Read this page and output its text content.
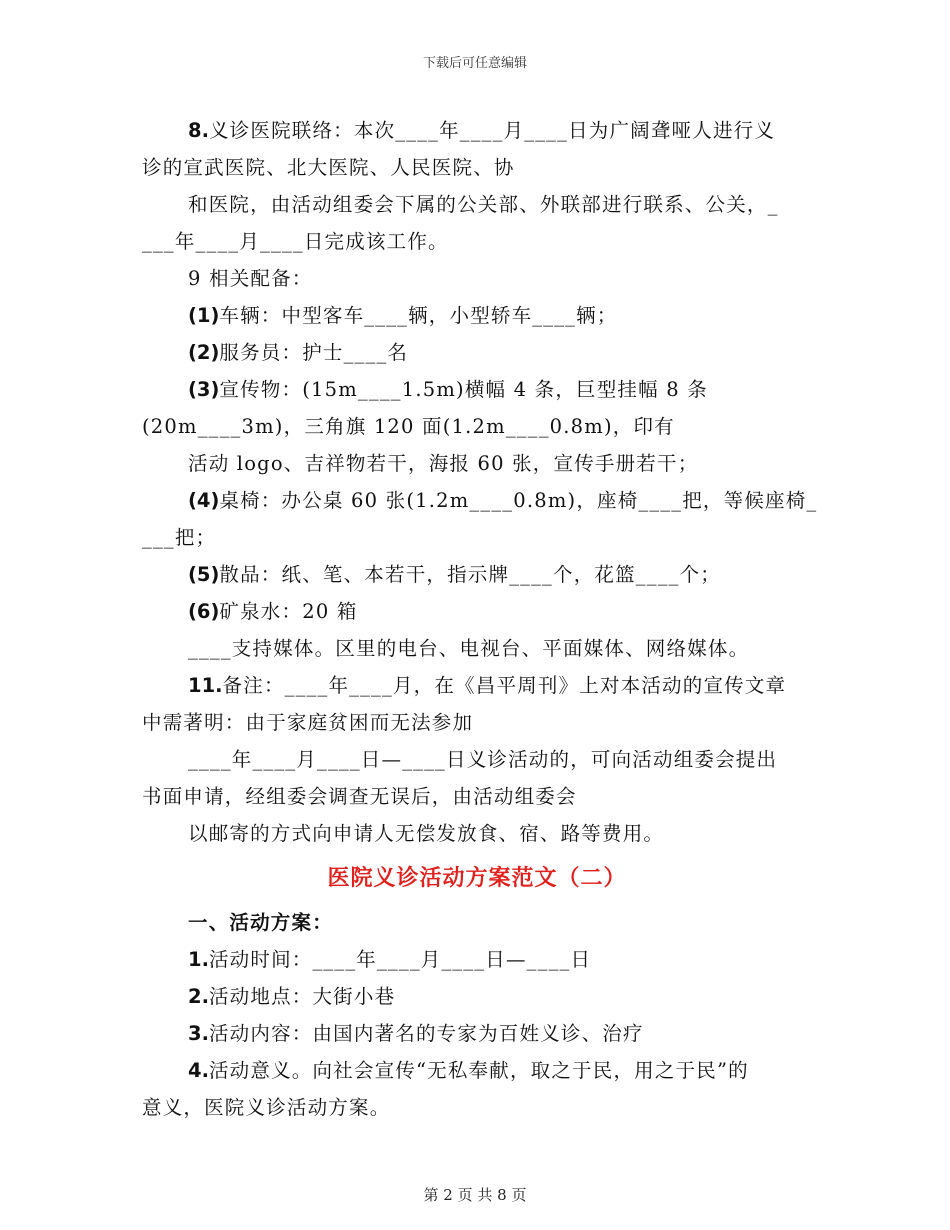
下载后可任意编辑
8.义诊医院联络：本次____年____月____日为广阔聋哑人进行义
诊的宣武医院、北大医院、人民医院、协
和医院，由活动组委会下属的公关部、外联部进行联系、公关，_
___年____月____日完成该工作。
9 相关配备：
(1)车辆：中型客车____辆，小型轿车____辆；
(2)服务员：护士____名
(3)宣传物：(15m____1.5m)横幅 4 条，巨型挂幅 8 条
(20m____3m)，三角旗 120 面(1.2m____0.8m)，印有
活动 logo、吉祥物若干，海报 60 张，宣传手册若干；
(4)桌椅：办公桌 60 张(1.2m____0.8m)，座椅____把，等候座椅_
___把；
(5)散品：纸、笔、本若干，指示牌____个，花篮____个；
(6)矿泉水：20 箱
____支持媒体。区里的电台、电视台、平面媒体、网络媒体。
11.备注：____年____月，在《昌平周刊》上对本活动的宣传文章
中需著明：由于家庭贫困而无法参加
____年____月____日—____日义诊活动的，可向活动组委会提出
书面申请，经组委会调查无误后，由活动组委会
以邮寄的方式向申请人无偿发放食、宿、路等费用。
医院义诊活动方案范文（二）
一、活动方案：
1.活动时间：____年____月____日—____日
2.活动地点：大街小巷
3.活动内容：由国内著名的专家为百姓义诊、治疗
4.活动意义。向社会宣传“无私奉献，取之于民，用之于民”的
意义，医院义诊活动方案。
第 2 页 共 8 页
